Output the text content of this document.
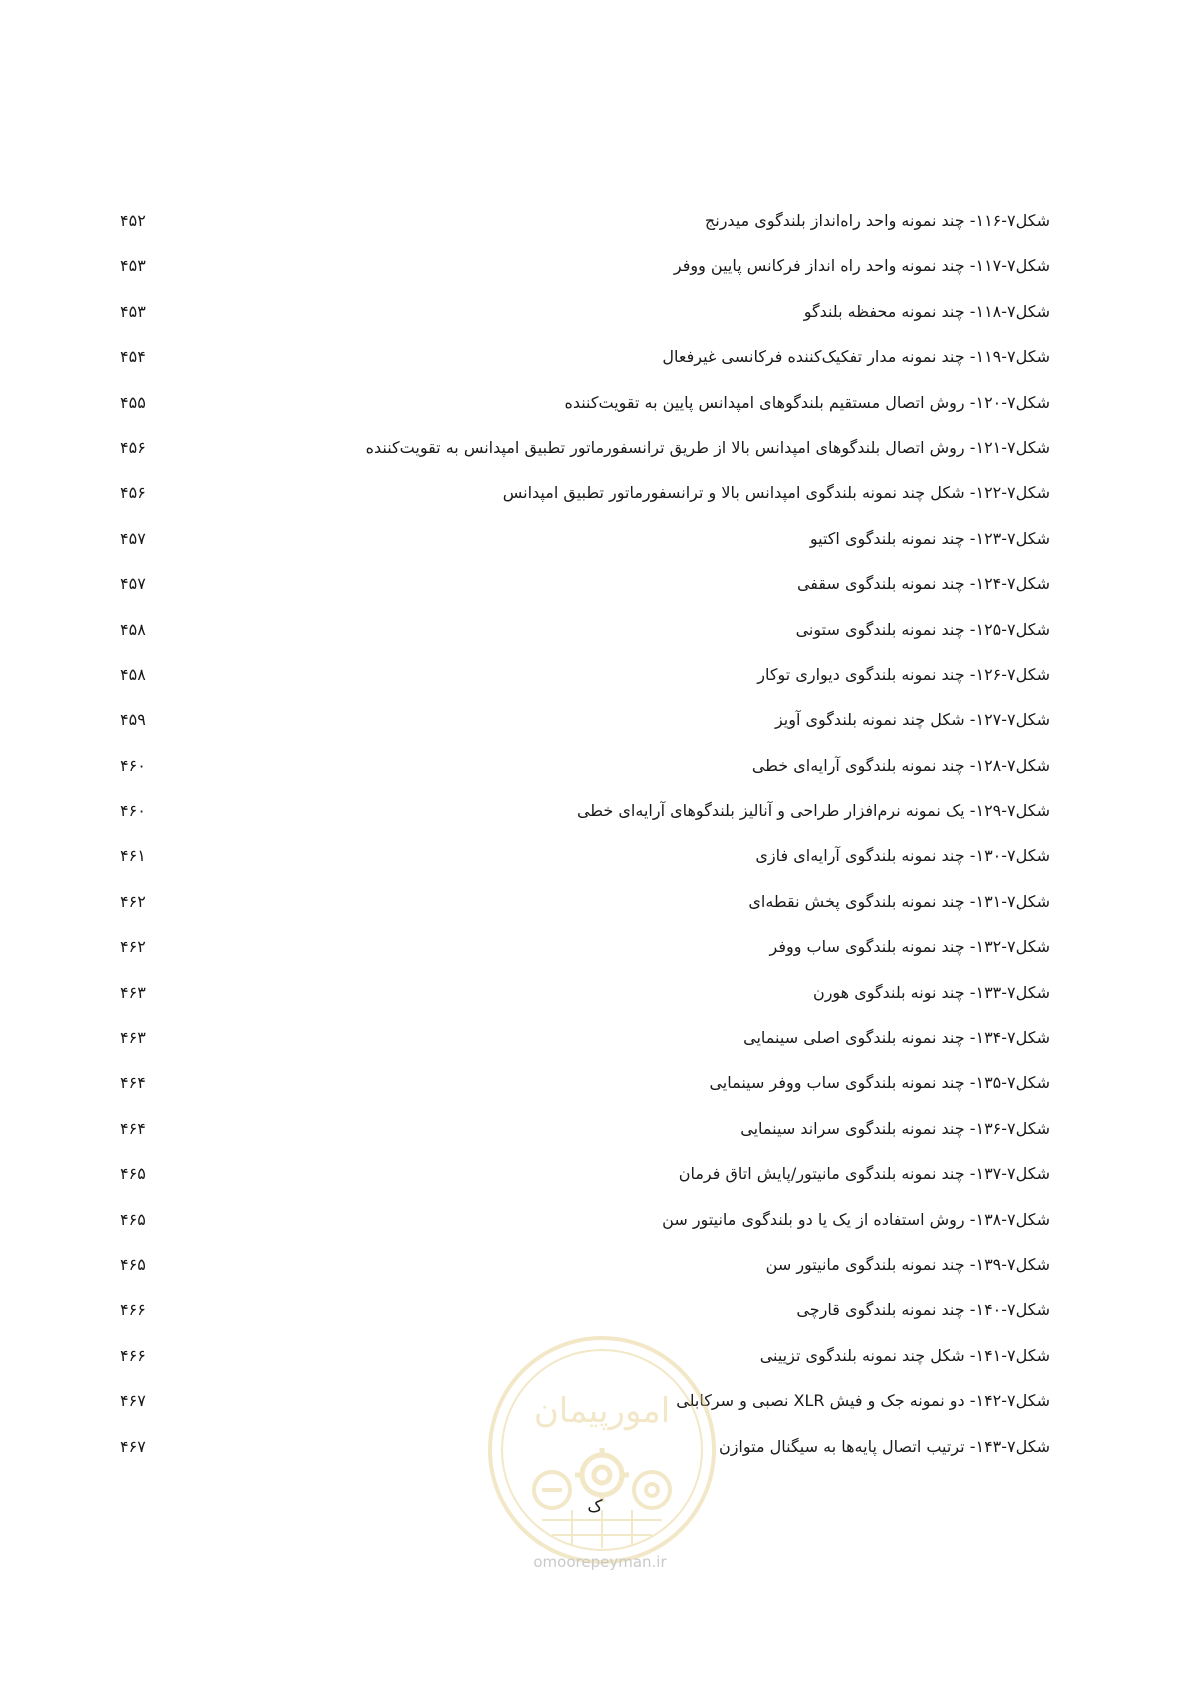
شکل۷-۱۱۶- چند نمونه واحد راه‌انداز بلندگوی میدرنج
۴۵۲
شکل۷-۱۱۷- چند نمونه واحد راه انداز فرکانس پایین ووفر
۴۵۳
شکل۷-۱۱۸- چند نمونه محفظه بلندگو
۴۵۳
شکل۷-۱۱۹- چند نمونه مدار تفکیک‌کننده فرکانسی غیرفعال
۴۵۴
شکل۷-۱۲۰- روش اتصال مستقیم بلندگوهای امپدانس پایین به تقویت‌کننده
۴۵۵
شکل۷-۱۲۱- روش اتصال بلندگوهای امپدانس بالا از طریق ترانسفورماتور تطبیق امپدانس به تقویت‌کننده
۴۵۶
شکل۷-۱۲۲- شکل چند نمونه بلندگوی امپدانس بالا و ترانسفورماتور تطبیق امپدانس
۴۵۶
شکل۷-۱۲۳- چند نمونه بلندگوی اکتیو
۴۵۷
شکل۷-۱۲۴- چند نمونه بلندگوی سقفی
۴۵۷
شکل۷-۱۲۵- چند نمونه بلندگوی ستونی
۴۵۸
شکل۷-۱۲۶- چند نمونه بلندگوی دیواری توکار
۴۵۸
شکل۷-۱۲۷- شکل چند نمونه بلندگوی آویز
۴۵۹
شکل۷-۱۲۸- چند نمونه بلندگوی آرایه‌ای خطی
۴۶۰
شکل۷-۱۲۹- یک نمونه نرم‌افزار طراحی و آنالیز بلندگوهای آرایه‌ای خطی
۴۶۰
شکل۷-۱۳۰- چند نمونه بلندگوی آرایه‌ای فازی
۴۶۱
شکل۷-۱۳۱- چند نمونه بلندگوی پخش نقطه‌ای
۴۶۲
شکل۷-۱۳۲- چند نمونه بلندگوی ساب ووفر
۴۶۲
شکل۷-۱۳۳- چند نونه بلندگوی هورن
۴۶۳
شکل۷-۱۳۴- چند نمونه بلندگوی اصلی سینمایی
۴۶۳
شکل۷-۱۳۵- چند نمونه بلندگوی ساب ووفر سینمایی
۴۶۴
شکل۷-۱۳۶- چند نمونه بلندگوی سراند سینمایی
۴۶۴
شکل۷-۱۳۷- چند نمونه بلندگوی مانیتور/پایش اتاق فرمان
۴۶۵
شکل۷-۱۳۸- روش استفاده از یک یا دو بلندگوی مانیتور سن
۴۶۵
شکل۷-۱۳۹- چند نمونه بلندگوی مانیتور سن
۴۶۵
شکل۷-۱۴۰- چند نمونه بلندگوی قارچی
۴۶۶
شکل۷-۱۴۱- شکل چند نمونه بلندگوی تزیینی
۴۶۶
شکل۷-۱۴۲- دو نمونه جک و فیش XLR نصبی و سرکابلی
۴۶۷
شکل۷-۱۴۳- ترتیب اتصال پایه‌ها به سیگنال متوازن
۴۶۷
امورپیمان
ک
omoorepeyman.ir
